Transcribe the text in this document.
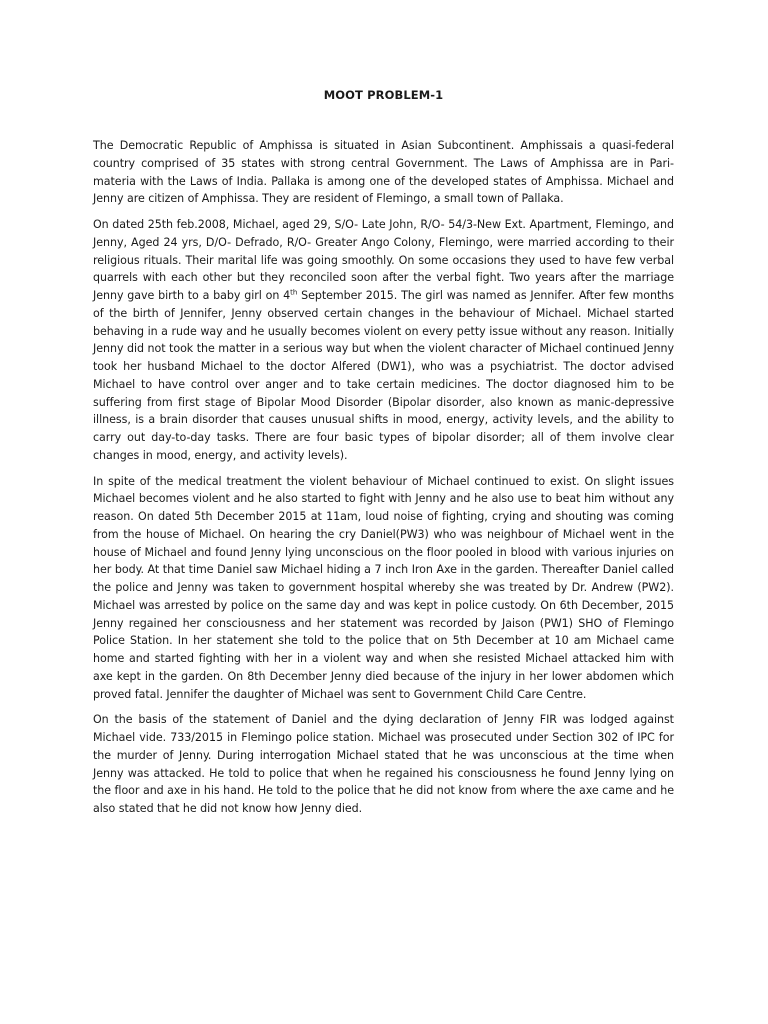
MOOT PROBLEM-1

The Democratic Republic of Amphissa is situated in Asian Subcontinent. Amphissais a quasi-federal country comprised of 35 states with strong central Government. The Laws of Amphissa are in Pari-materia with the Laws of India. Pallaka is among one of the developed states of Amphissa. Michael and Jenny are citizen of Amphissa. They are resident of Flemingo, a small town of Pallaka.

On dated 25th feb.2008, Michael, aged 29, S/O- Late John, R/O- 54/3-New Ext. Apartment, Flemingo, and Jenny, Aged 24 yrs, D/O- Defrado, R/O- Greater Ango Colony, Flemingo, were married according to their religious rituals. Their marital life was going smoothly. On some occasions they used to have few verbal quarrels with each other but they reconciled soon after the verbal fight. Two years after the marriage Jenny gave birth to a baby girl on 4th September 2015. The girl was named as Jennifer. After few months of the birth of Jennifer, Jenny observed certain changes in the behaviour of Michael. Michael started behaving in a rude way and he usually becomes violent on every petty issue without any reason. Initially Jenny did not took the matter in a serious way but when the violent character of Michael continued Jenny took her husband Michael to the doctor Alfered (DW1), who was a psychiatrist. The doctor advised Michael to have control over anger and to take certain medicines. The doctor diagnosed him to be suffering from first stage of Bipolar Mood Disorder (Bipolar disorder, also known as manic-depressive illness, is a brain disorder that causes unusual shifts in mood, energy, activity levels, and the ability to carry out day-to-day tasks. There are four basic types of bipolar disorder; all of them involve clear changes in mood, energy, and activity levels).

In spite of the medical treatment the violent behaviour of Michael continued to exist. On slight issues Michael becomes violent and he also started to fight with Jenny and he also use to beat him without any reason. On dated 5th December 2015 at 11am, loud noise of fighting, crying and shouting was coming from the house of Michael. On hearing the cry Daniel(PW3) who was neighbour of Michael went in the house of Michael and found Jenny lying unconscious on the floor pooled in blood with various injuries on her body. At that time Daniel saw Michael hiding a 7 inch Iron Axe in the garden. Thereafter Daniel called the police and Jenny was taken to government hospital whereby she was treated by Dr. Andrew (PW2). Michael was arrested by police on the same day and was kept in police custody. On 6th December, 2015 Jenny regained her consciousness and her statement was recorded by Jaison (PW1) SHO of Flemingo Police Station. In her statement she told to the police that on 5th December at 10 am Michael came home and started fighting with her in a violent way and when she resisted Michael attacked him with axe kept in the garden. On 8th December Jenny died because of the injury in her lower abdomen which proved fatal. Jennifer the daughter of Michael was sent to Government Child Care Centre.

On the basis of the statement of Daniel and the dying declaration of Jenny FIR was lodged against Michael vide. 733/2015 in Flemingo police station. Michael was prosecuted under Section 302 of IPC for the murder of Jenny. During interrogation Michael stated that he was unconscious at the time when Jenny was attacked. He told to police that when he regained his consciousness he found Jenny lying on the floor and axe in his hand. He told to the police that he did not know from where the axe came and he also stated that he did not know how Jenny died.
